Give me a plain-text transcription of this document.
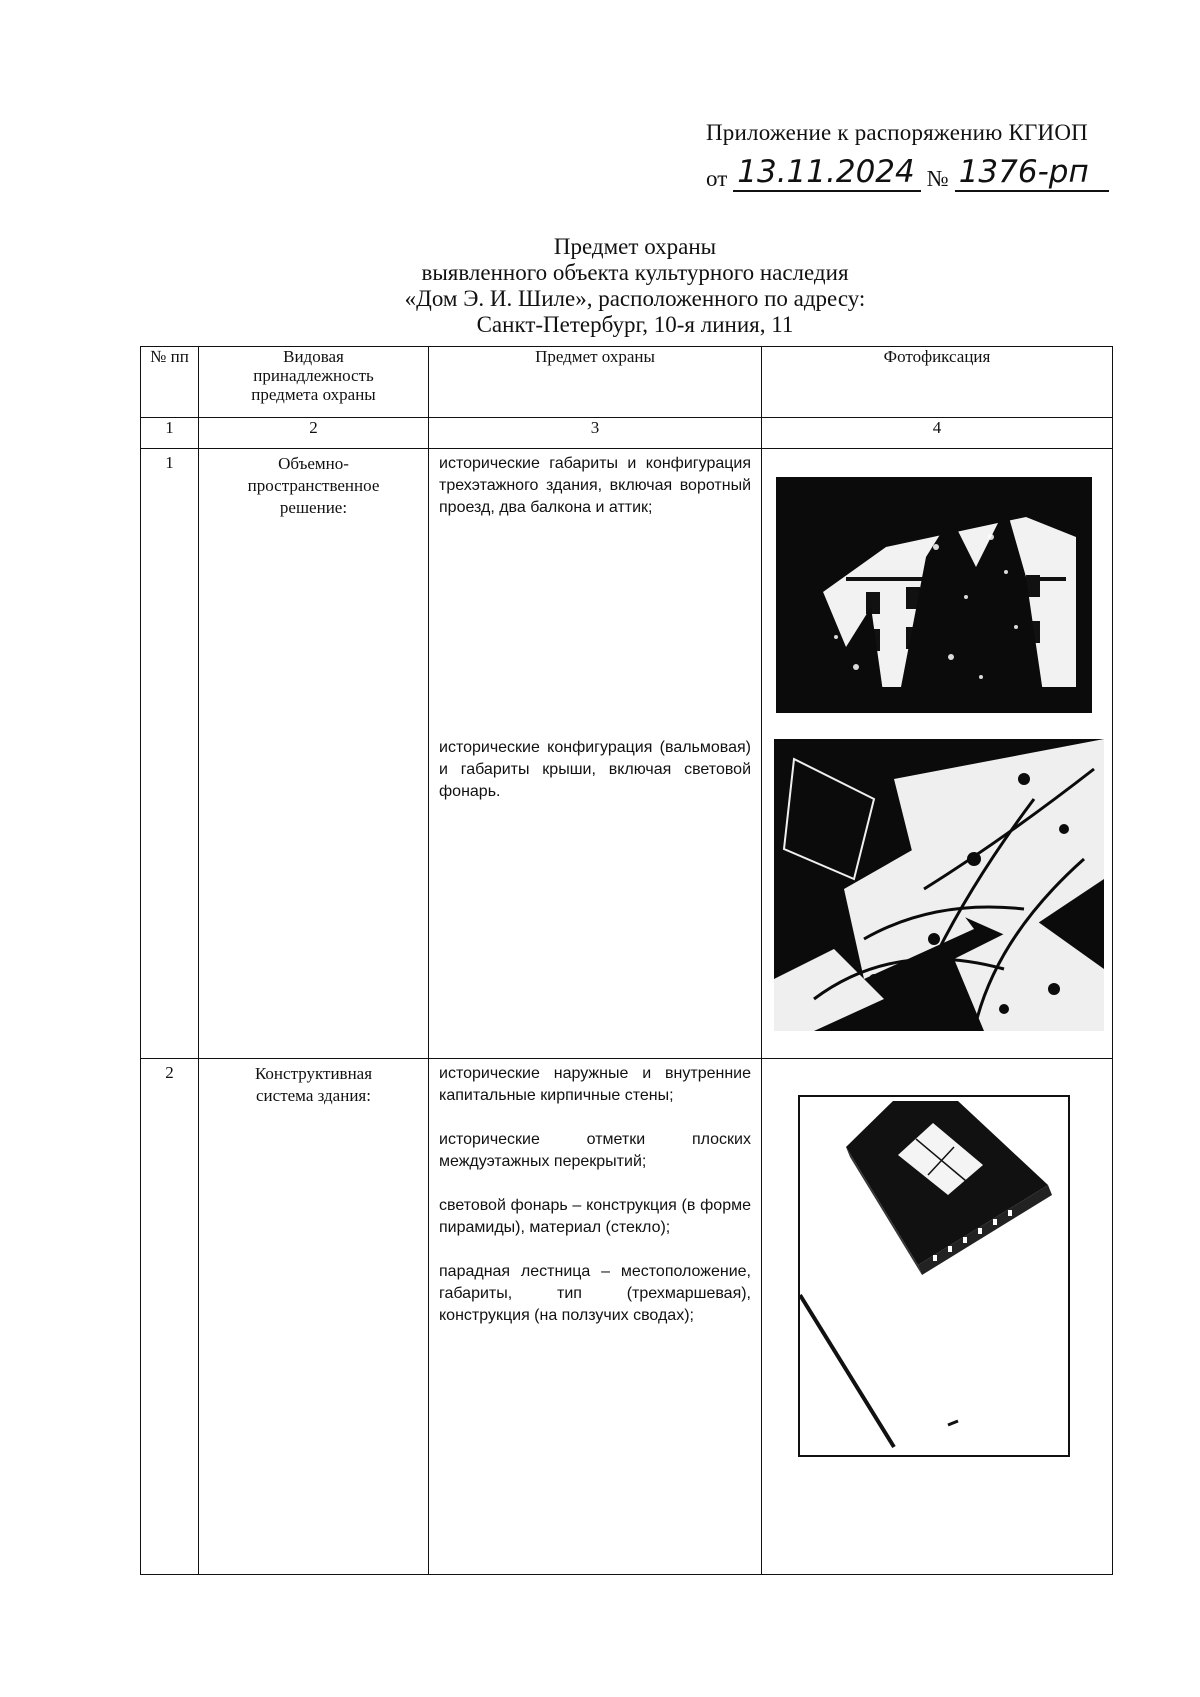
Приложение к распоряжению КГИОП
от 13.11.2024 № 1376-рп
Предмет охраны
выявленного объекта культурного наследия
«Дом Э. И. Шиле», расположенного по адресу:
Санкт-Петербург, 10-я линия, 11
№ пп	Видовая принадлежность предмета охраны	Предмет охраны	Фотофиксация
1	2	3	4
1	Объемно-пространственное решение:	исторические габариты и конфигурация трехэтажного здания, включая воротный проезд, два балкона и аттик;

исторические конфигурация (вальмовая) и габариты крыши, включая световой фонарь.

2	Конструктивная система здания:	исторические наружные и внутренние капитальные кирпичные стены;

исторические отметки плоских междуэтажных перекрытий;

световой фонарь – конструкция (в форме пирамиды), материал (стекло);

парадная лестница – местоположение, габариты, тип (трехмаршевая), конструкция (на ползучих сводах);
